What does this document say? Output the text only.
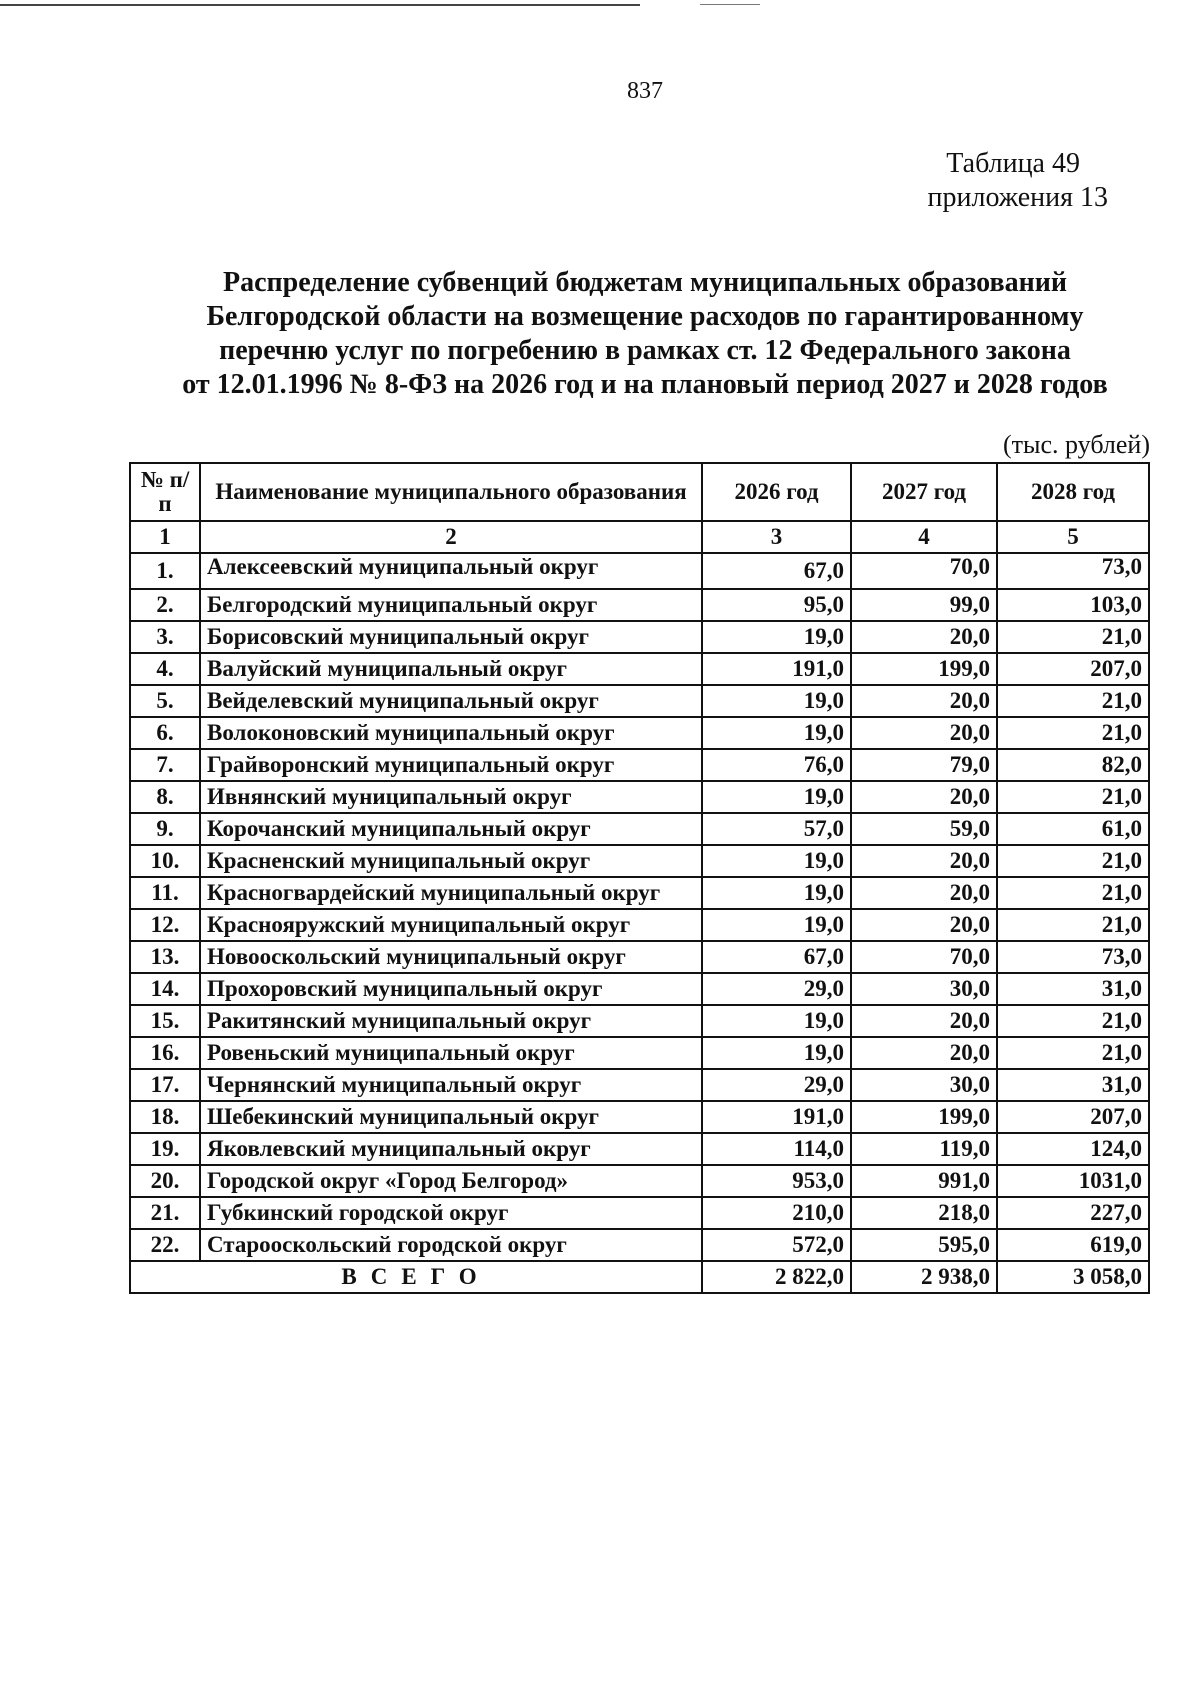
837
Таблица 49
приложения 13
Распределение субвенций бюджетам муниципальных образований
Белгородской области на возмещение расходов по гарантированному
перечню услуг по погребению в рамках ст. 12 Федерального закона
от 12.01.1996 № 8-ФЗ на 2026 год и на плановый период 2027 и 2028 годов
(тыс. рублей)
№ п/п	Наименование муниципального образования	2026 год	2027 год	2028 год
1	2	3	4	5
1.	Алексеевский муниципальный округ	67,0	70,0	73,0
2.	Белгородский муниципальный округ	95,0	99,0	103,0
3.	Борисовский муниципальный округ	19,0	20,0	21,0
4.	Валуйский муниципальный округ	191,0	199,0	207,0
5.	Вейделевский муниципальный округ	19,0	20,0	21,0
6.	Волоконовский муниципальный округ	19,0	20,0	21,0
7.	Грайворонский муниципальный округ	76,0	79,0	82,0
8.	Ивнянский муниципальный округ	19,0	20,0	21,0
9.	Корочанский муниципальный округ	57,0	59,0	61,0
10.	Красненский муниципальный округ	19,0	20,0	21,0
11.	Красногвардейский муниципальный округ	19,0	20,0	21,0
12.	Краснояружский муниципальный округ	19,0	20,0	21,0
13.	Новооскольский муниципальный округ	67,0	70,0	73,0
14.	Прохоровский муниципальный округ	29,0	30,0	31,0
15.	Ракитянский муниципальный округ	19,0	20,0	21,0
16.	Ровеньский муниципальный округ	19,0	20,0	21,0
17.	Чернянский муниципальный округ	29,0	30,0	31,0
18.	Шебекинский муниципальный округ	191,0	199,0	207,0
19.	Яковлевский муниципальный округ	114,0	119,0	124,0
20.	Городской округ «Город Белгород»	953,0	991,0	1031,0
21.	Губкинский городской округ	210,0	218,0	227,0
22.	Старооскольский городской округ	572,0	595,0	619,0
ВСЕГО		2 822,0	2 938,0	3 058,0
